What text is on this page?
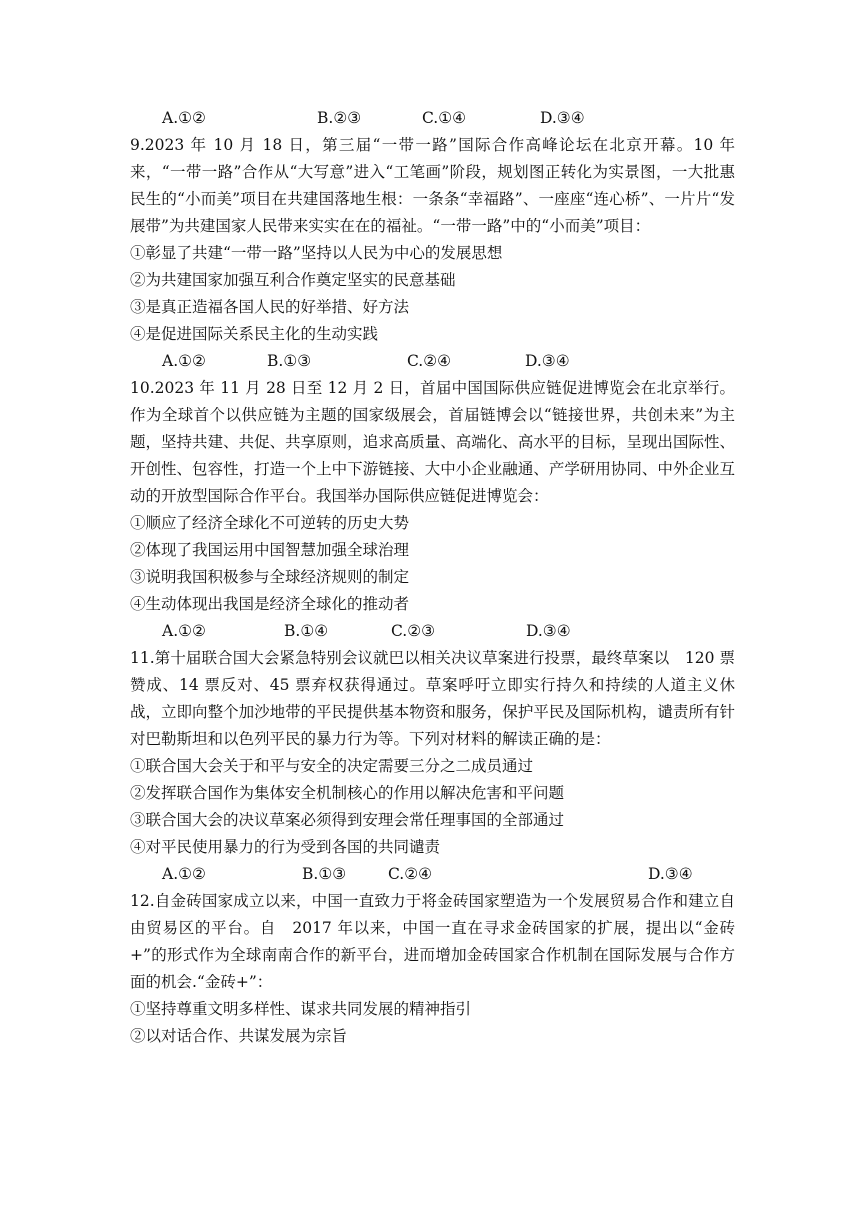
A.①②	B.②③	C.①④	D.③④

9.2023 年 10 月 18 日，第三届“一带一路”国际合作高峰论坛在北京开幕。10 年来，“一带一路”合作从“大写意”进入“工笔画”阶段，规划图正转化为实景图，一大批惠民生的“小而美”项目在共建国落地生根：一条条“幸福路”、一座座“连心桥”、一片片“发展带”为共建国家人民带来实实在在的福祉。“一带一路”中的“小而美”项目：

①彰显了共建“一带一路”坚持以人民为中心的发展思想

②为共建国家加强互利合作奠定坚实的民意基础

③是真正造福各国人民的好举措、好方法

④是促进国际关系民主化的生动实践

A.①②	B.①③	C.②④	D.③④

10.2023 年 11 月 28 日至 12 月 2 日，首届中国国际供应链促进博览会在北京举行。作为全球首个以供应链为主题的国家级展会，首届链博会以“链接世界，共创未来”为主题，坚持共建、共促、共享原则，追求高质量、高端化、高水平的目标，呈现出国际性、开创性、包容性，打造一个上中下游链接、大中小企业融通、产学研用协同、中外企业互动的开放型国际合作平台。我国举办国际供应链促进博览会：

①顺应了经济全球化不可逆转的历史大势

②体现了我国运用中国智慧加强全球治理

③说明我国积极参与全球经济规则的制定

④生动体现出我国是经济全球化的推动者

A.①②	B.①④	C.②③	D.③④

11.第十届联合国大会紧急特别会议就巴以相关决议草案进行投票，最终草案以　120 票赞成、14 票反对、45 票弃权获得通过。草案呼吁立即实行持久和持续的人道主义休战，立即向整个加沙地带的平民提供基本物资和服务，保护平民及国际机构，谴责所有针对巴勒斯坦和以色列平民的暴力行为等。下列对材料的解读正确的是：

①联合国大会关于和平与安全的决定需要三分之二成员通过

②发挥联合国作为集体安全机制核心的作用以解决危害和平问题

③联合国大会的决议草案必须得到安理会常任理事国的全部通过

④对平民使用暴力的行为受到各国的共同谴责

A.①②	B.①③	C.②④	D.③④

12.自金砖国家成立以来，中国一直致力于将金砖国家塑造为一个发展贸易合作和建立自由贸易区的平台。自　2017 年以来，中国一直在寻求金砖国家的扩展，提出以“金砖+”的形式作为全球南南合作的新平台，进而增加金砖国家合作机制在国际发展与合作方面的机会.“金砖+”：

①坚持尊重文明多样性、谋求共同发展的精神指引

②以对话合作、共谋发展为宗旨
